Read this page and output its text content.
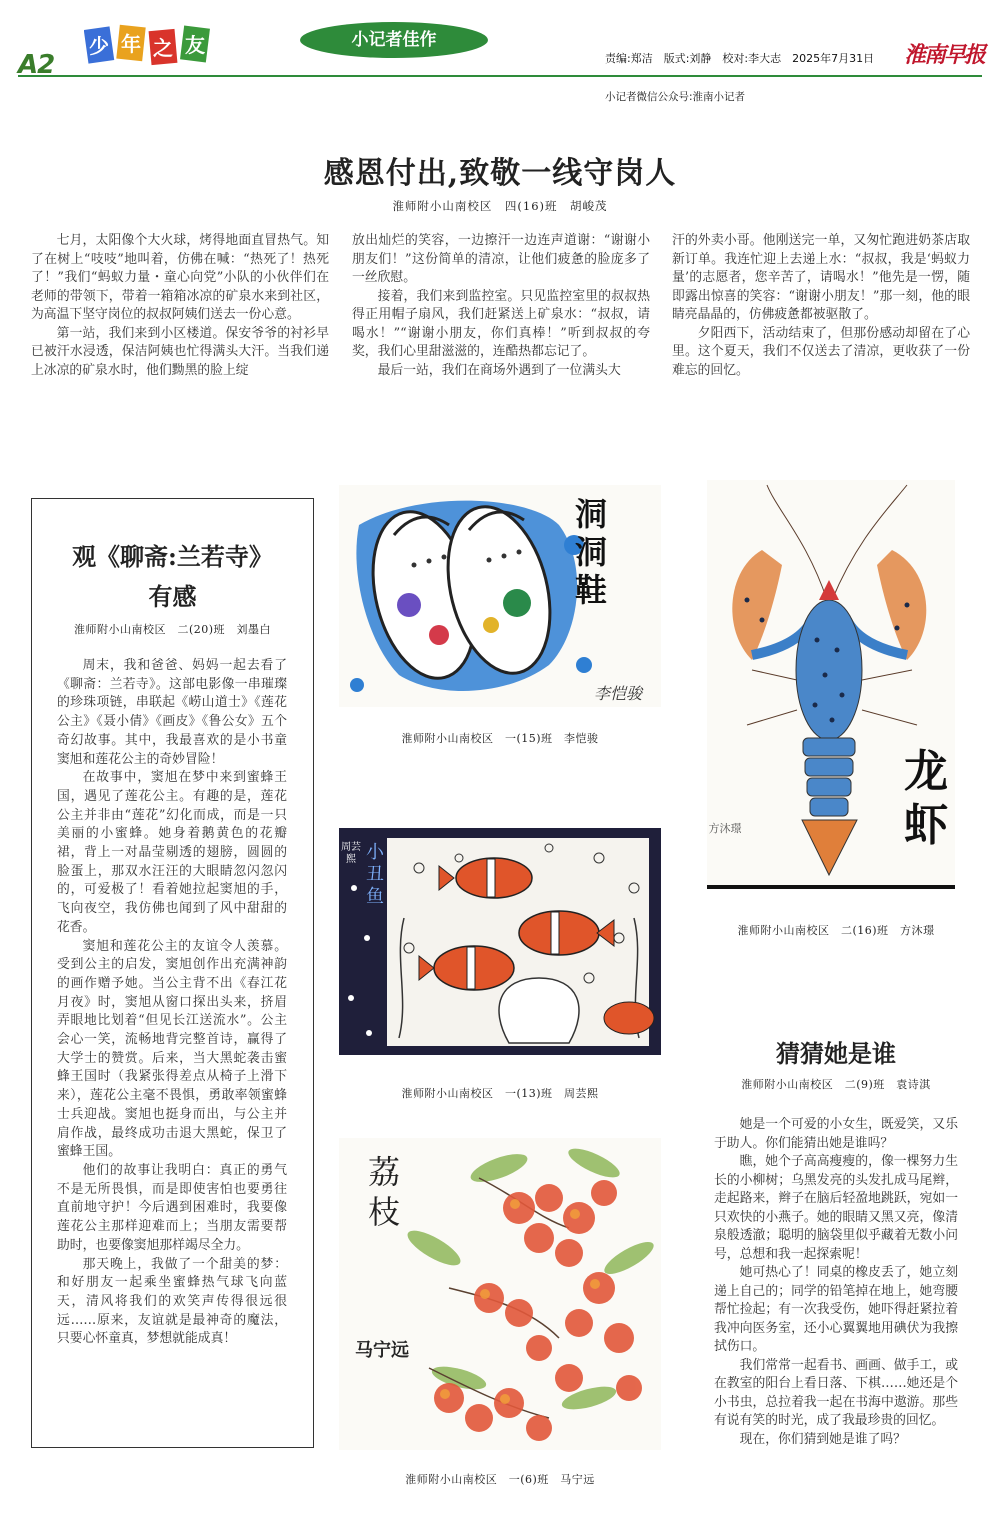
A2
少 年 之 友	小记者佳作
责编:郑洁　版式:刘静　校对:李大志　2025年7月31日 淮南早报
小记者微信公众号:淮南小记者
感恩付出,致敬一线守岗人
淮师附小山南校区　四(16)班　胡峻茂

七月，太阳像个大火球，烤得地面直冒热气。知了在树上“吱吱”地叫着，仿佛在喊：“热死了！热死了！”我们“蚂蚁力量・童心向党”小队的小伙伴们在老师的带领下，带着一箱箱冰凉的矿泉水来到社区，为高温下坚守岗位的叔叔阿姨们送去一份心意。

第一站，我们来到小区楼道。保安爷爷的衬衫早已被汗水浸透，保洁阿姨也忙得满头大汗。当我们递上冰凉的矿泉水时，他们黝黑的脸上绽

放出灿烂的笑容，一边擦汗一边连声道谢：“谢谢小朋友们！”这份简单的清凉，让他们疲惫的脸庞多了一丝欣慰。

接着，我们来到监控室。只见监控室里的叔叔热得正用帽子扇风，我们赶紧送上矿泉水：“叔叔，请喝水！”“谢谢小朋友，你们真棒！”听到叔叔的夸奖，我们心里甜滋滋的，连酷热都忘记了。

最后一站，我们在商场外遇到了一位满头大

汗的外卖小哥。他刚送完一单，又匆忙跑进奶茶店取新订单。我连忙迎上去递上水：“叔叔，我是‘蚂蚁力量’的志愿者，您辛苦了，请喝水！”他先是一愣，随即露出惊喜的笑容：“谢谢小朋友！”那一刻，他的眼睛亮晶晶的，仿佛疲惫都被驱散了。

夕阳西下，活动结束了，但那份感动却留在了心里。这个夏天，我们不仅送去了清凉，更收获了一份难忘的回忆。

观《聊斋:兰若寺》
有感
淮师附小山南校区　二(20)班　刘墨白

周末，我和爸爸、妈妈一起去看了《聊斋：兰若寺》。这部电影像一串璀璨的珍珠项链，串联起《崂山道士》《莲花公主》《聂小倩》《画皮》《鲁公女》五个奇幻故事。其中，我最喜欢的是小书童窦旭和莲花公主的奇妙冒险！

在故事中，窦旭在梦中来到蜜蜂王国，遇见了莲花公主。有趣的是，莲花公主并非由“莲花”幻化而成，而是一只美丽的小蜜蜂。她身着鹅黄色的花瓣裙，背上一对晶莹剔透的翅膀，圆圆的脸蛋上，那双水汪汪的大眼睛忽闪忽闪的，可爱极了！看着她拉起窦旭的手，飞向夜空，我仿佛也闻到了风中甜甜的花香。

窦旭和莲花公主的友谊令人羡慕。受到公主的启发，窦旭创作出充满神韵的画作赠予她。当公主背不出《春江花月夜》时，窦旭从窗口探出头来，挤眉弄眼地比划着“但见长江送流水”。公主会心一笑，流畅地背完整首诗，赢得了大学士的赞赏。后来，当大黑蛇袭击蜜蜂王国时（我紧张得差点从椅子上滑下来），莲花公主毫不畏惧，勇敢率领蜜蜂士兵迎战。窦旭也挺身而出，与公主并肩作战，最终成功击退大黑蛇，保卫了蜜蜂王国。

他们的故事让我明白：真正的勇气不是无所畏惧，而是即使害怕也要勇往直前地守护！今后遇到困难时，我要像莲花公主那样迎难而上；当朋友需要帮助时，也要像窦旭那样竭尽全力。

那天晚上，我做了一个甜美的梦：和好朋友一起乘坐蜜蜂热气球飞向蓝天，清风将我们的欢笑声传得很远很远……原来，友谊就是最神奇的魔法，只要心怀童真，梦想就能成真！

洞洞鞋
李恺骏
淮师附小山南校区　一(15)班　李恺骏
龙虾
方沐璟
淮师附小山南校区　二(16)班　方沐璟
小丑鱼
周芸熙
淮师附小山南校区　一(13)班　周芸熙
荔枝
马宁远
淮师附小山南校区　一(6)班　马宁远
猜猜她是谁
淮师附小山南校区　二(9)班　袁诗淇

她是一个可爱的小女生，既爱笑，又乐于助人。你们能猜出她是谁吗？

瞧，她个子高高瘦瘦的，像一棵努力生长的小柳树；乌黑发亮的头发扎成马尾辫，走起路来，辫子在脑后轻盈地跳跃，宛如一只欢快的小燕子。她的眼睛又黑又亮，像清泉般透澈；聪明的脑袋里似乎藏着无数小问号，总想和我一起探索呢！

她可热心了！同桌的橡皮丢了，她立刻递上自己的；同学的铅笔掉在地上，她弯腰帮忙捡起；有一次我受伤，她吓得赶紧拉着我冲向医务室，还小心翼翼地用碘伏为我擦拭伤口。

我们常常一起看书、画画、做手工，或在教室的阳台上看日落、下棋……她还是个小书虫，总拉着我一起在书海中遨游。那些有说有笑的时光，成了我最珍贵的回忆。

现在，你们猜到她是谁了吗？
